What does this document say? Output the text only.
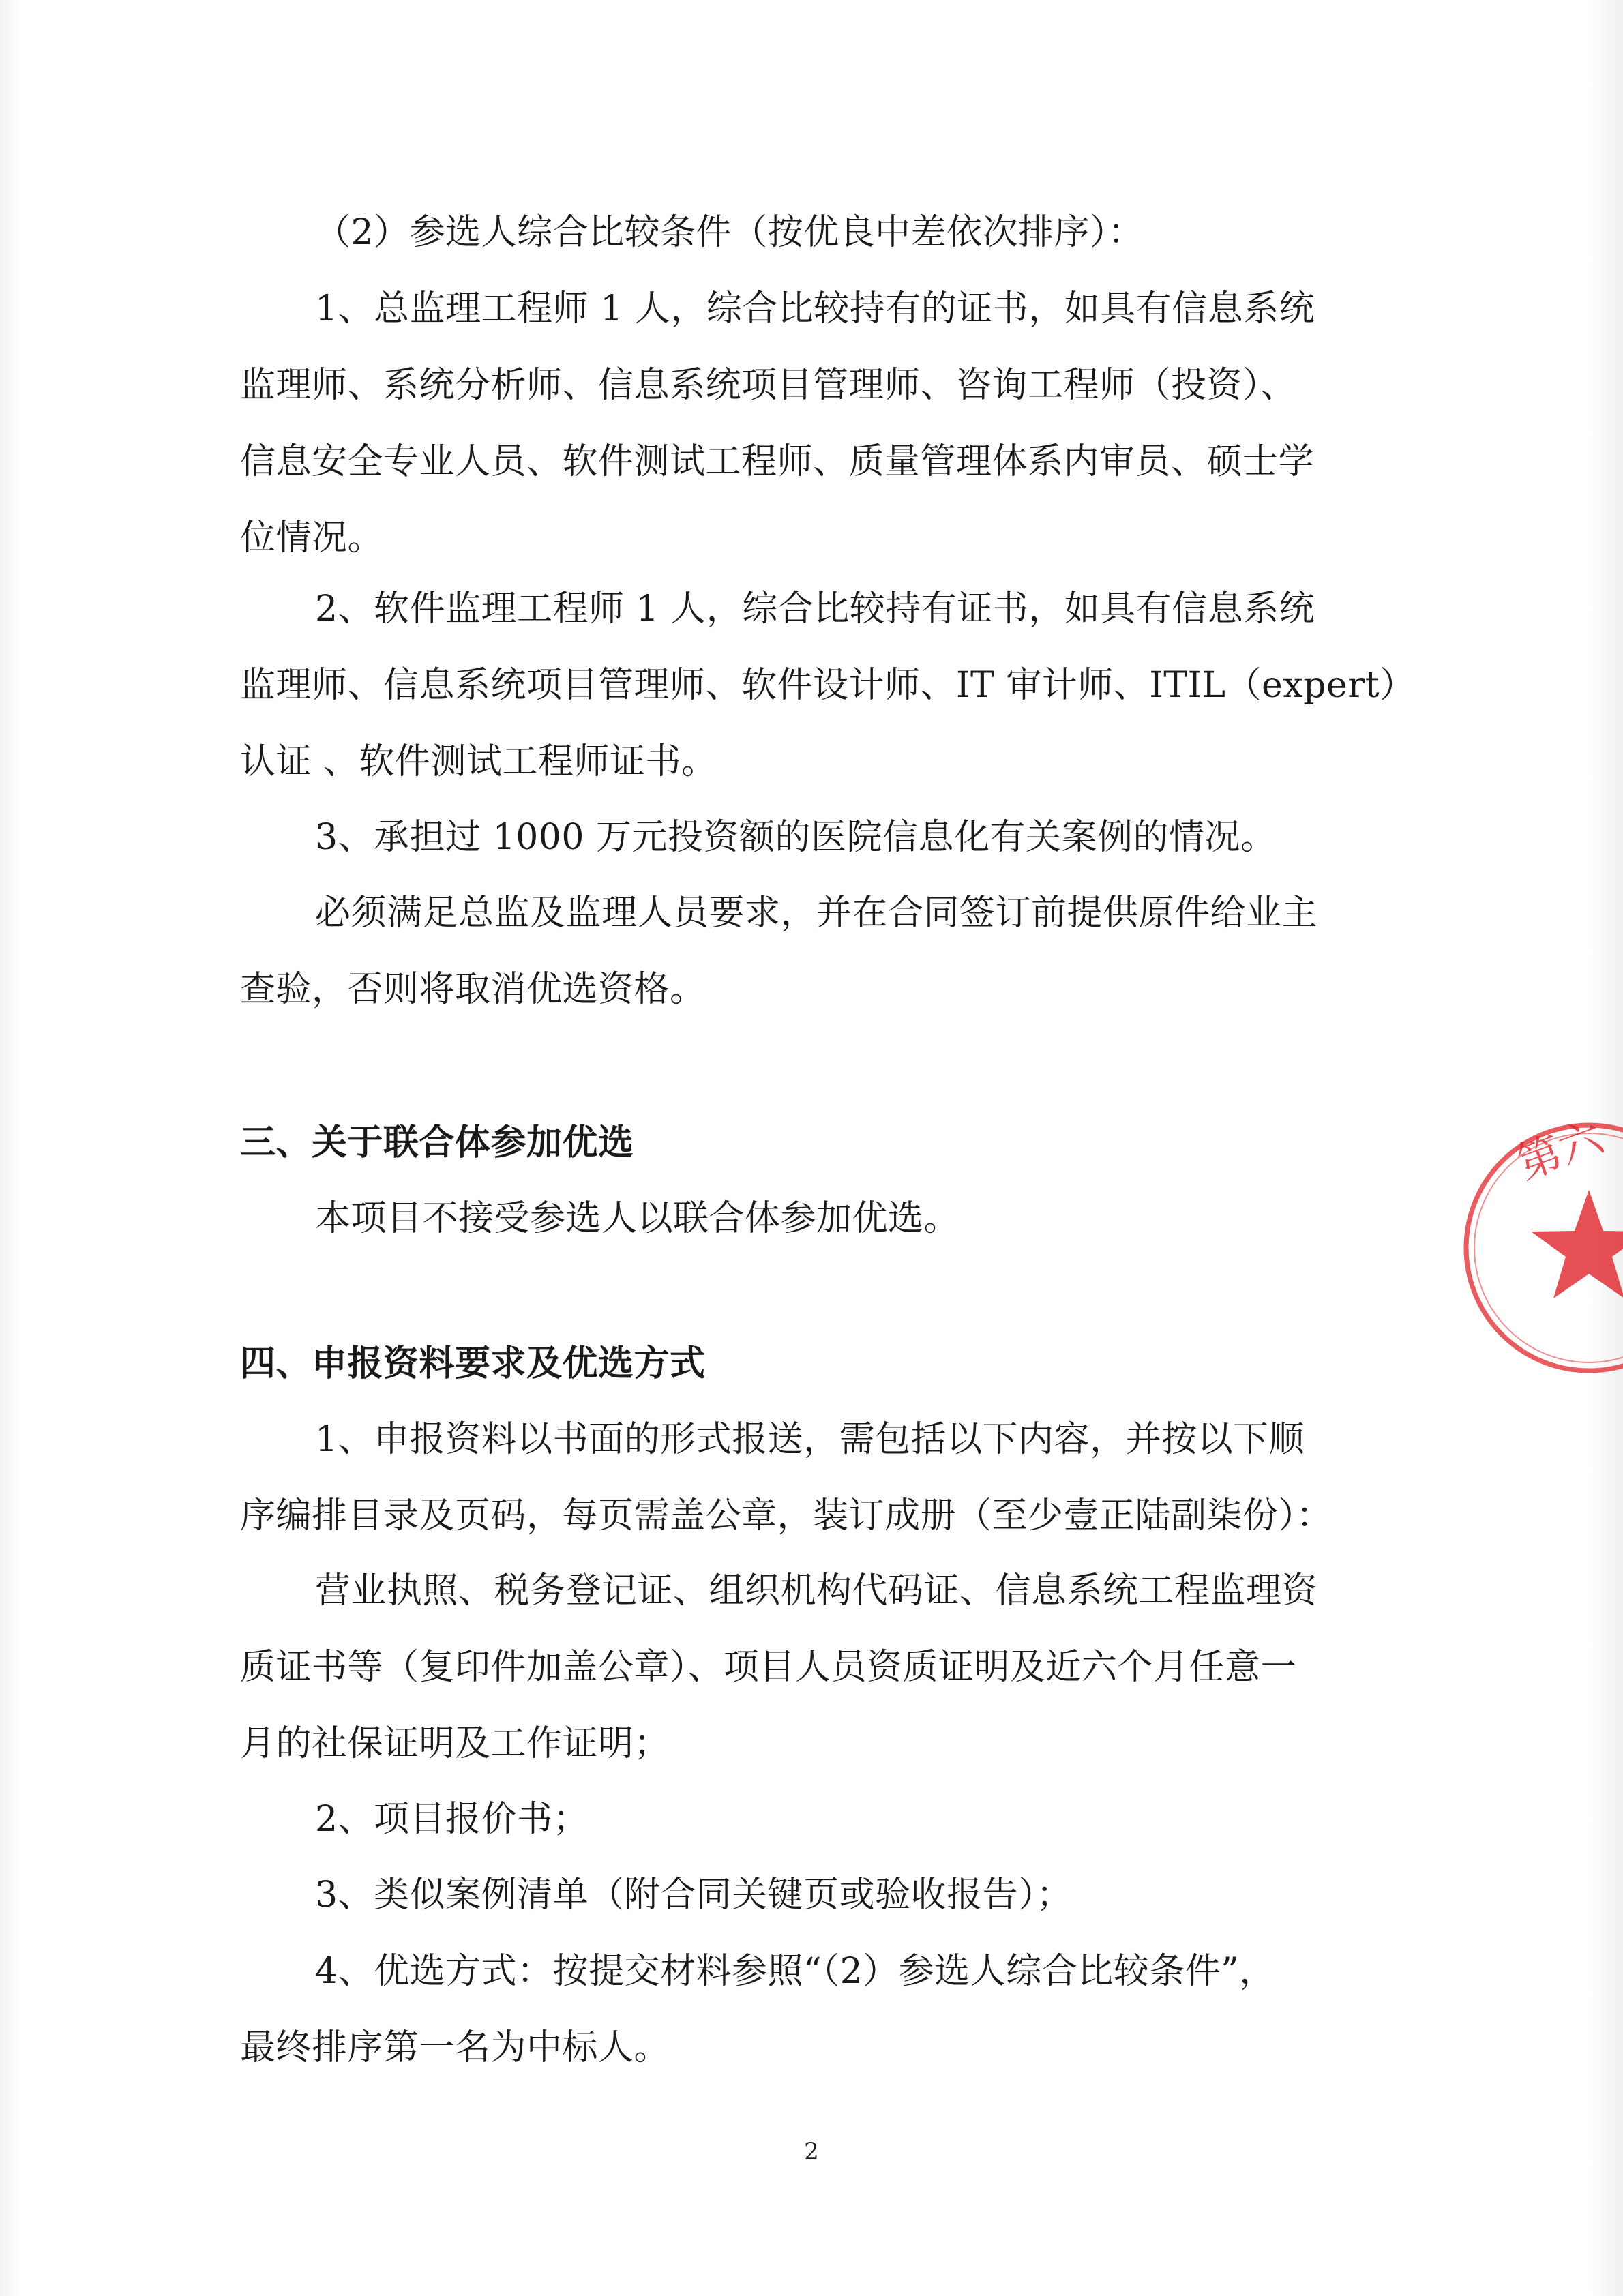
（2）参选人综合比较条件（按优良中差依次排序）：
1、总监理工程师 1 人，综合比较持有的证书，如具有信息系统
监理师、系统分析师、信息系统项目管理师、咨询工程师（投资）、
信息安全专业人员、软件测试工程师、质量管理体系内审员、硕士学
位情况。
2、软件监理工程师 1 人，综合比较持有证书，如具有信息系统
监理师、信息系统项目管理师、软件设计师、IT 审计师、ITIL（expert）
认证 、软件测试工程师证书。
3、承担过 1000 万元投资额的医院信息化有关案例的情况。
必须满足总监及监理人员要求，并在合同签订前提供原件给业主
查验，否则将取消优选资格。
三、关于联合体参加优选
本项目不接受参选人以联合体参加优选。
四、申报资料要求及优选方式
1、申报资料以书面的形式报送，需包括以下内容，并按以下顺
序编排目录及页码，每页需盖公章，装订成册（至少壹正陆副柒份）：
营业执照、税务登记证、组织机构代码证、信息系统工程监理资
质证书等（复印件加盖公章）、项目人员资质证明及近六个月任意一
月的社保证明及工作证明；
2、项目报价书；
3、类似案例清单（附合同关键页或验收报告）；
4、优选方式：按提交材料参照“（2）参选人综合比较条件”，
最终排序第一名为中标人。
第六
2
